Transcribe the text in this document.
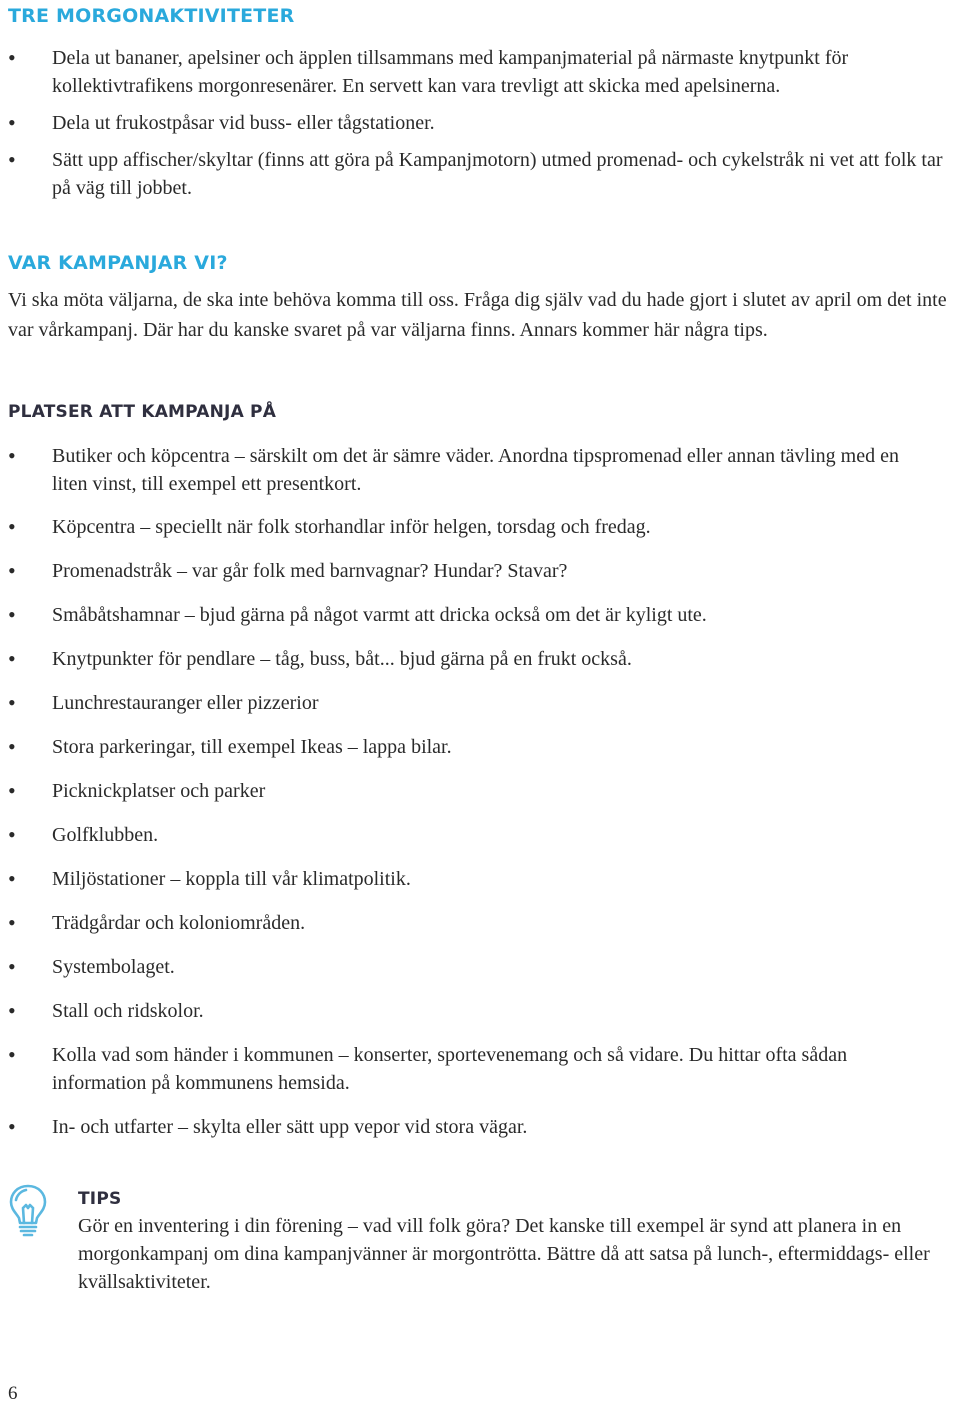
TRE MORGONAKTIVITETER
• Dela ut bananer, apelsiner och äpplen tillsammans med kampanjmaterial på närmaste knytpunkt för kollektivtrafikens morgonresenärer. En servett kan vara trevligt att skicka med apelsinerna.
• Dela ut frukostpåsar vid buss- eller tågstationer.
• Sätt upp affischer/skyltar (finns att göra på Kampanjmotorn) utmed promenad- och cykelstråk ni vet att folk tar på väg till jobbet.
VAR KAMPANJAR VI?

Vi ska möta väljarna, de ska inte behöva komma till oss. Fråga dig själv vad du hade gjort i slutet av april om det inte var vårkampanj. Där har du kanske svaret på var väljarna finns. Annars kommer här några tips.

PLATSER ATT KAMPANJA PÅ
• Butiker och köpcentra – särskilt om det är sämre väder. Anordna tipspromenad eller annan tävling med en liten vinst, till exempel ett presentkort.
• Köpcentra – speciellt när folk storhandlar inför helgen, torsdag och fredag.
• Promenadstråk – var går folk med barnvagnar? Hundar? Stavar?
• Småbåtshamnar – bjud gärna på något varmt att dricka också om det är kyligt ute.
• Knytpunkter för pendlare – tåg, buss, båt... bjud gärna på en frukt också.
• Lunchrestauranger eller pizzerior
• Stora parkeringar, till exempel Ikeas – lappa bilar.
• Picknickplatser och parker
• Golfklubben.
• Miljöstationer – koppla till vår klimatpolitik.
• Trädgårdar och koloniområden.
• Systembolaget.
• Stall och ridskolor.
• Kolla vad som händer i kommunen – konserter, sportevenemang och så vidare. Du hittar ofta sådan information på kommunens hemsida.
• In- och utfarter – skylta eller sätt upp vepor vid stora vägar.
TIPS

Gör en inventering i din förening – vad vill folk göra? Det kanske till exempel är synd att planera in en morgonkampanj om dina kampanjvänner är morgontrötta. Bättre då att satsa på lunch-, eftermiddags- eller kvällsaktiviteter.

6
